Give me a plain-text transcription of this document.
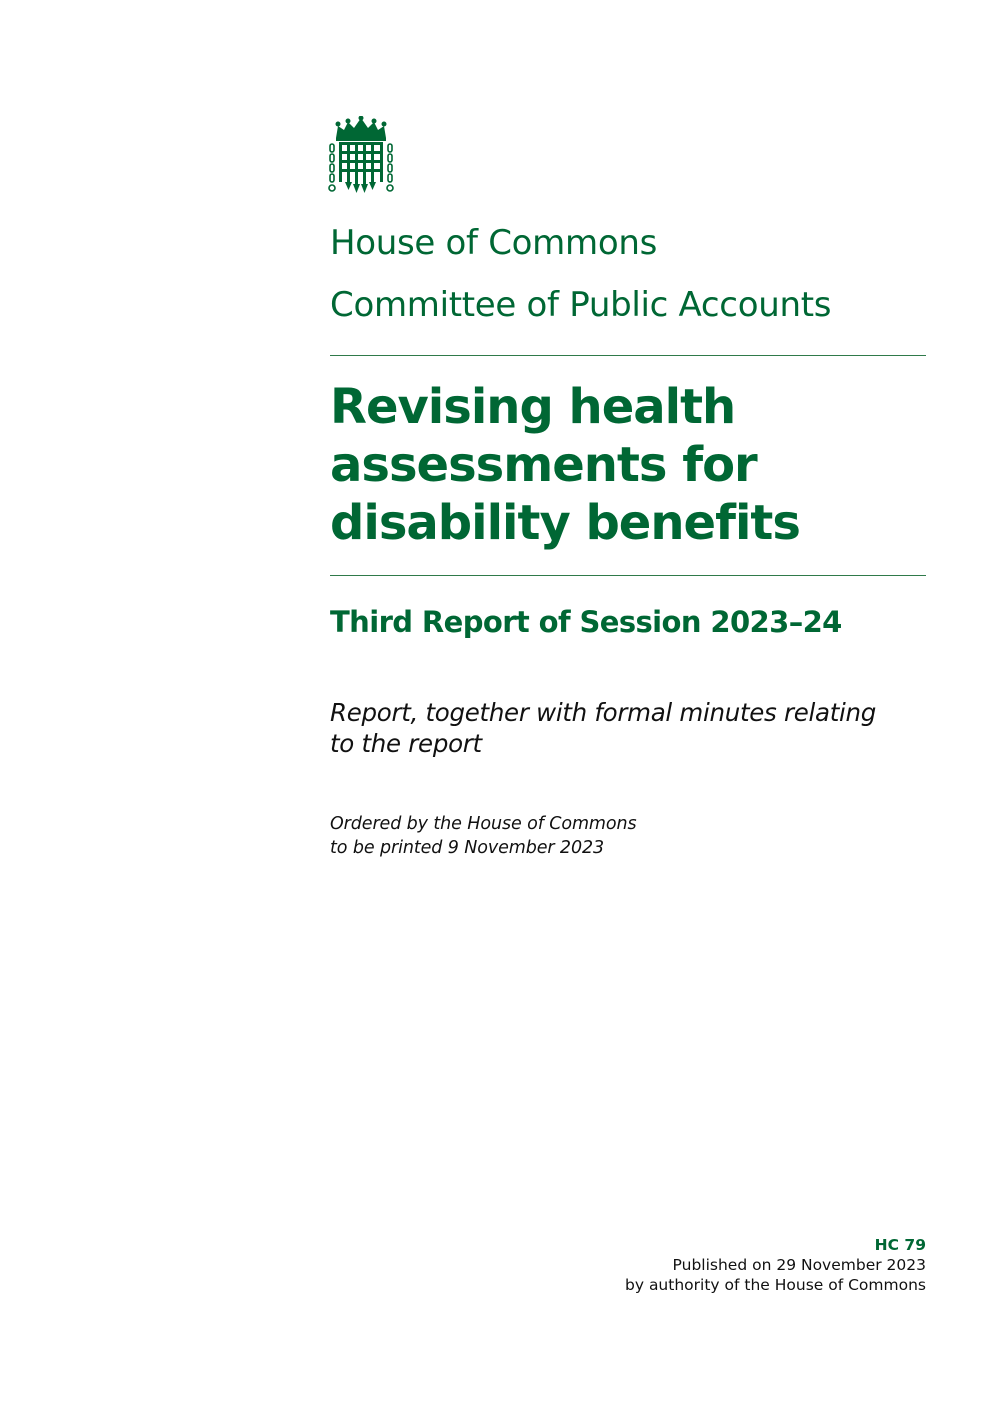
House of Commons
Committee of Public Accounts
Revising health
assessments for
disability benefits
Third Report of Session 2023–24
Report, together with formal minutes relating
to the report
Ordered by the House of Commons
to be printed 9 November 2023
HC 79
Published on 29 November 2023
by authority of the House of Commons
